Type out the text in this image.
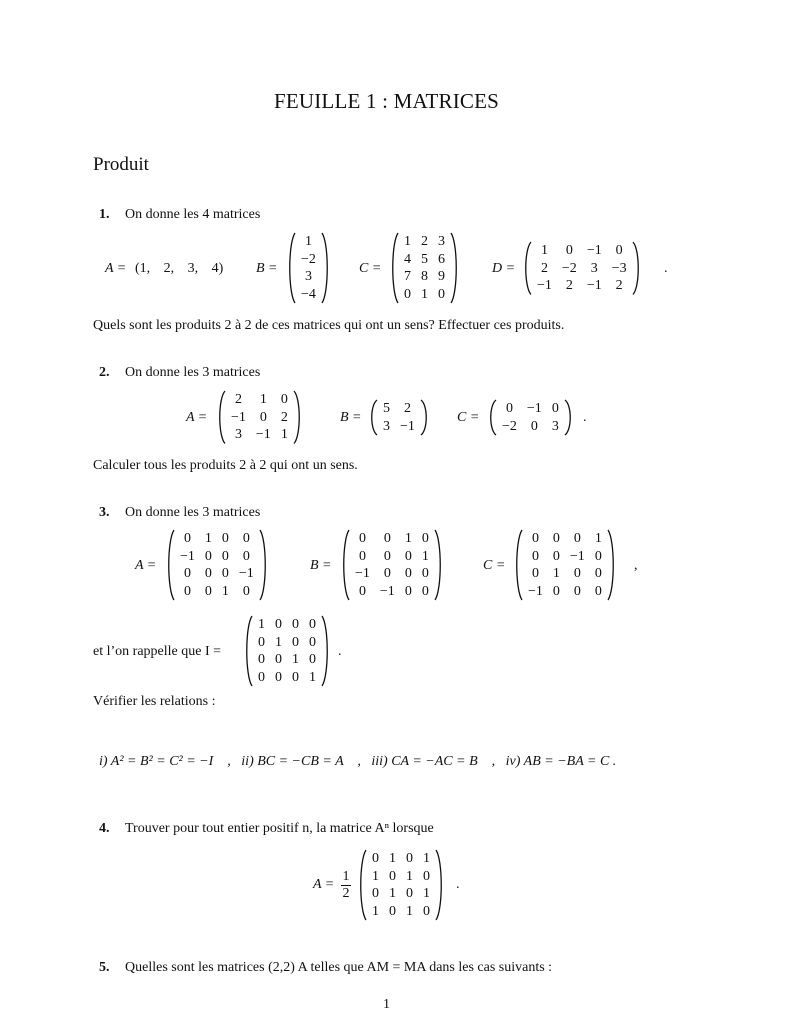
FEUILLE 1 : MATRICES
Produit
1. On donne les 4 matrices
A = (1, 2, 3, 4) B =
1
−2
3
−4
C =
1	2	3
4	5	6
7	8	9
0	1	0
D =
1	0	−1	0
2	−2	3	−3
−1	2	−1	2
.
Quels sont les produits 2 à 2 de ces matrices qui ont un sens? Effectuer ces produits.
2. On donne les 3 matrices
A =
2	1	0
−1	0	2
3	−1	1
B =
5	2
3	−1
C =
0	−1	0
−2	0	3
.
Calculer tous les produits 2 à 2 qui ont un sens.
3. On donne les 3 matrices
A =
0	1	0	0
−1	0	0	0
0	0	0	−1
0	0	1	0
B =
0	0	1	0
0	0	0	1
−1	0	0	0
0	−1	0	0
C =
0	0	0	1
0	0	−1	0
0	1	0	0
−1	0	0	0
,
et l’on rappelle que I =
1	0	0	0
0	1	0	0
0	0	1	0
0	0	0	1
.
Vérifier les relations :
i) A² = B² = C² = −I    ,   ii) BC = −CB = A    ,   iii) CA = −AC = B    ,   iv) AB = −BA = C .
4. Trouver pour tout entier positif n, la matrice Aⁿ lorsque
A =
1
2
0	1	0	1
1	0	1	0
0	1	0	1
1	0	1	0
.
5. Quelles sont les matrices (2,2) A telles que AM = MA dans les cas suivants :
1
